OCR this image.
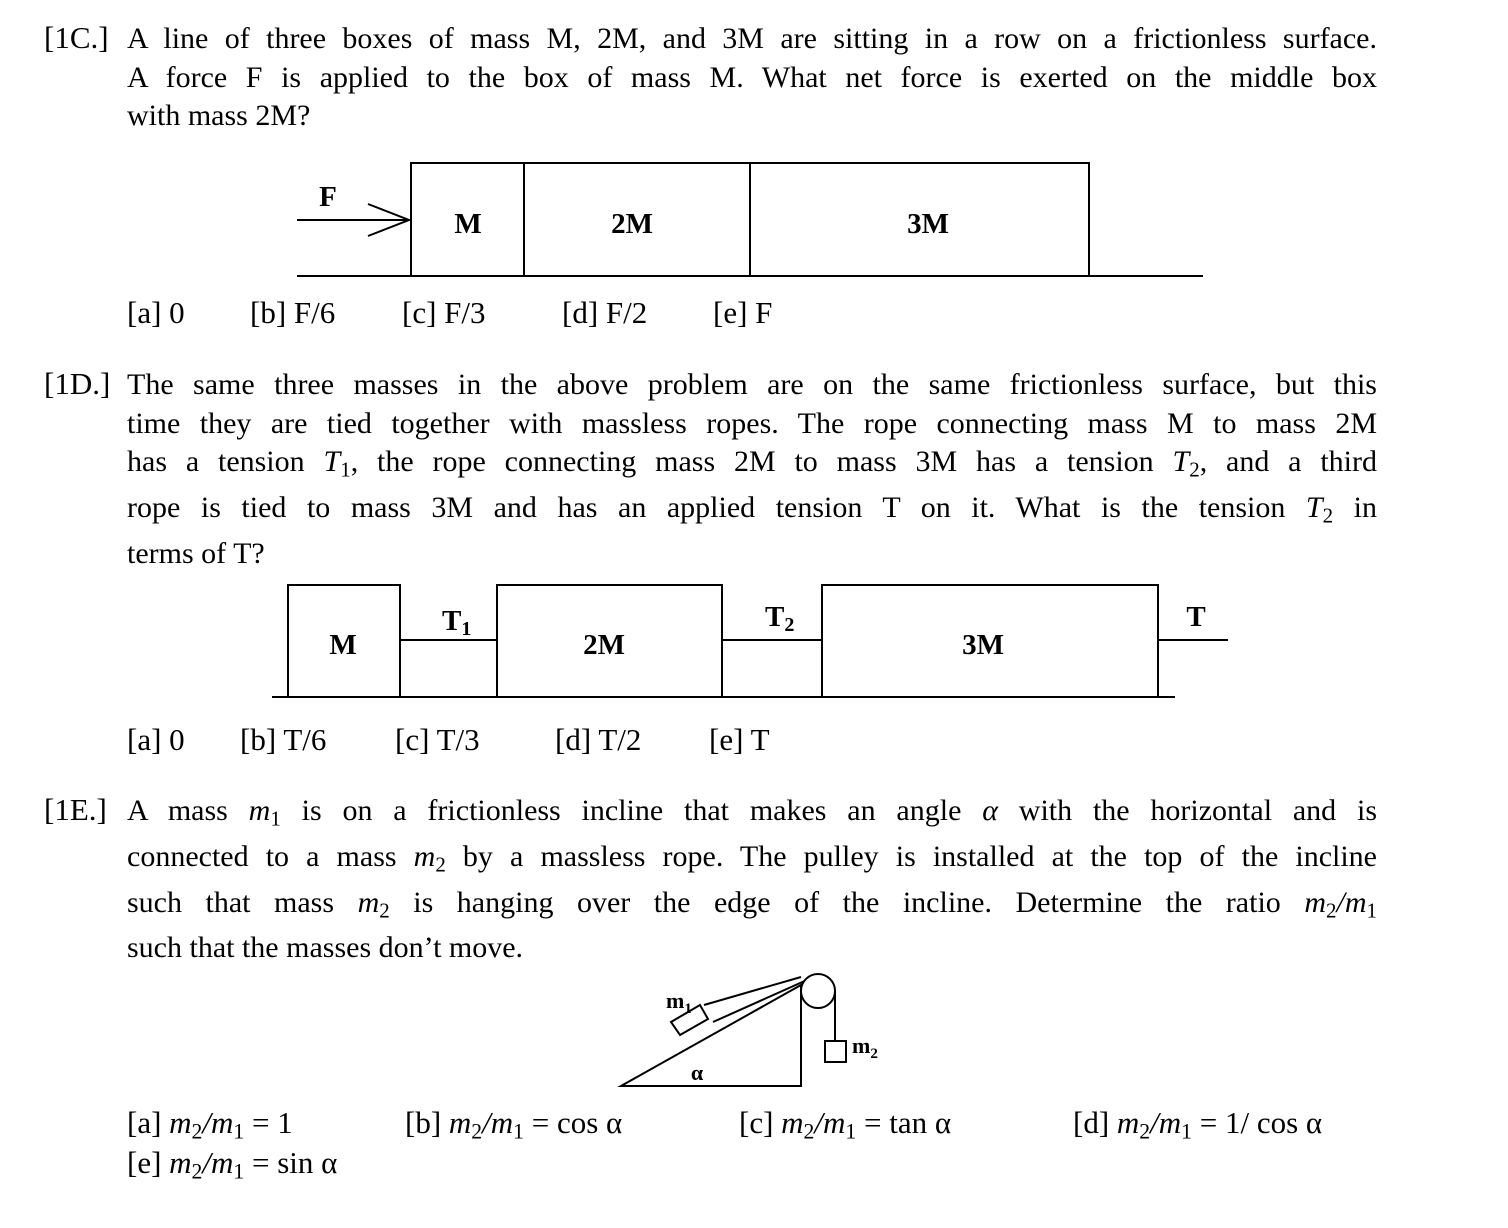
[1C.] A line of three boxes of mass M, 2M, and 3M are sitting in a row on a frictionless surface.
A force F is applied to the box of mass M. What net force is exerted on the middle box
with mass 2M?
F
M	2M	3M
M	2M	3M
T1	T2	T
$m_1$
$m_2$
α
[a] 0 [b] F/6 [c] F/3 [d] F/2 [e] F
[1D.] The same three masses in the above problem are on the same frictionless surface, but this
time they are tied together with massless ropes. The rope connecting mass M to mass 2M
has a tension $T_1$, the rope connecting mass 2M to mass 3M has a tension $T_2$, and a third
rope is tied to mass 3M and has an applied tension T on it. What is the tension $T_2$ in
terms of T?
[a] 0 [b] T/6 [c] T/3 [d] T/2 [e] T
[1E.] A mass $m_1$ is on a frictionless incline that makes an angle α with the horizontal and is
connected to a mass $m_2$ by a massless rope. The pulley is installed at the top of the incline
such that mass $m_2$ is hanging over the edge of the incline. Determine the ratio $m_2/m_1$
such that the masses don’t move.
[a] $m_2/m_1 = 1$	[b] $m_2/m_1 = \cos \alpha$	[c] $m_2/m_1 = \tan \alpha$	[d] $m_2/m_1 = 1/$ cos α
[e] $m_2/m_1 = \sin \alpha$
